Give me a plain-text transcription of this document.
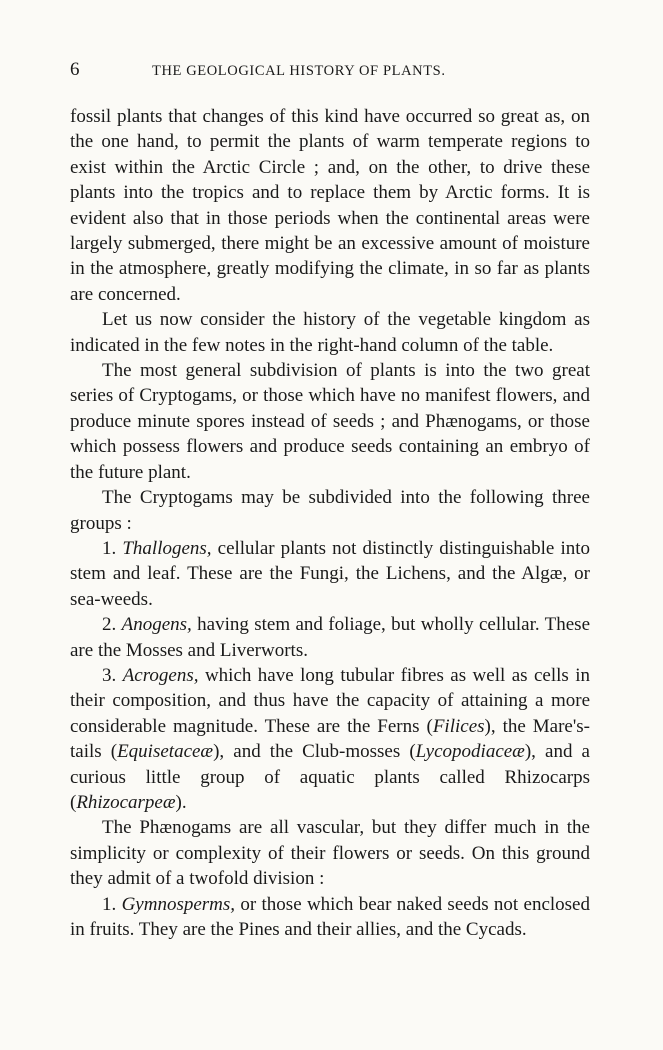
6	THE GEOLOGICAL HISTORY OF PLANTS.

fossil plants that changes of this kind have occurred so great as, on the one hand, to permit the plants of warm temperate regions to exist within the Arctic Circle ; and, on the other, to drive these plants into the tropics and to replace them by Arctic forms. It is evident also that in those periods when the continental areas were largely submerged, there might be an excessive amount of moisture in the atmosphere, greatly modifying the climate, in so far as plants are concerned.

Let us now consider the history of the vegetable kingdom as indicated in the few notes in the right-hand column of the table.

The most general subdivision of plants is into the two great series of Cryptogams, or those which have no manifest flowers, and produce minute spores instead of seeds ; and Phænogams, or those which possess flowers and produce seeds containing an embryo of the future plant.

The Cryptogams may be subdivided into the following three groups :

1. Thallogens, cellular plants not distinctly distinguishable into stem and leaf. These are the Fungi, the Lichens, and the Algæ, or sea-weeds.

2. Anogens, having stem and foliage, but wholly cellular. These are the Mosses and Liverworts.

3. Acrogens, which have long tubular fibres as well as cells in their composition, and thus have the capacity of attaining a more considerable magnitude. These are the Ferns (Filices), the Mare's-tails (Equisetaceæ), and the Club-mosses (Lycopodiaceæ), and a curious little group of aquatic plants called Rhizocarps (Rhizocarpeæ).

The Phænogams are all vascular, but they differ much in the simplicity or complexity of their flowers or seeds. On this ground they admit of a twofold division :

1. Gymnosperms, or those which bear naked seeds not enclosed in fruits. They are the Pines and their allies, and the Cycads.
